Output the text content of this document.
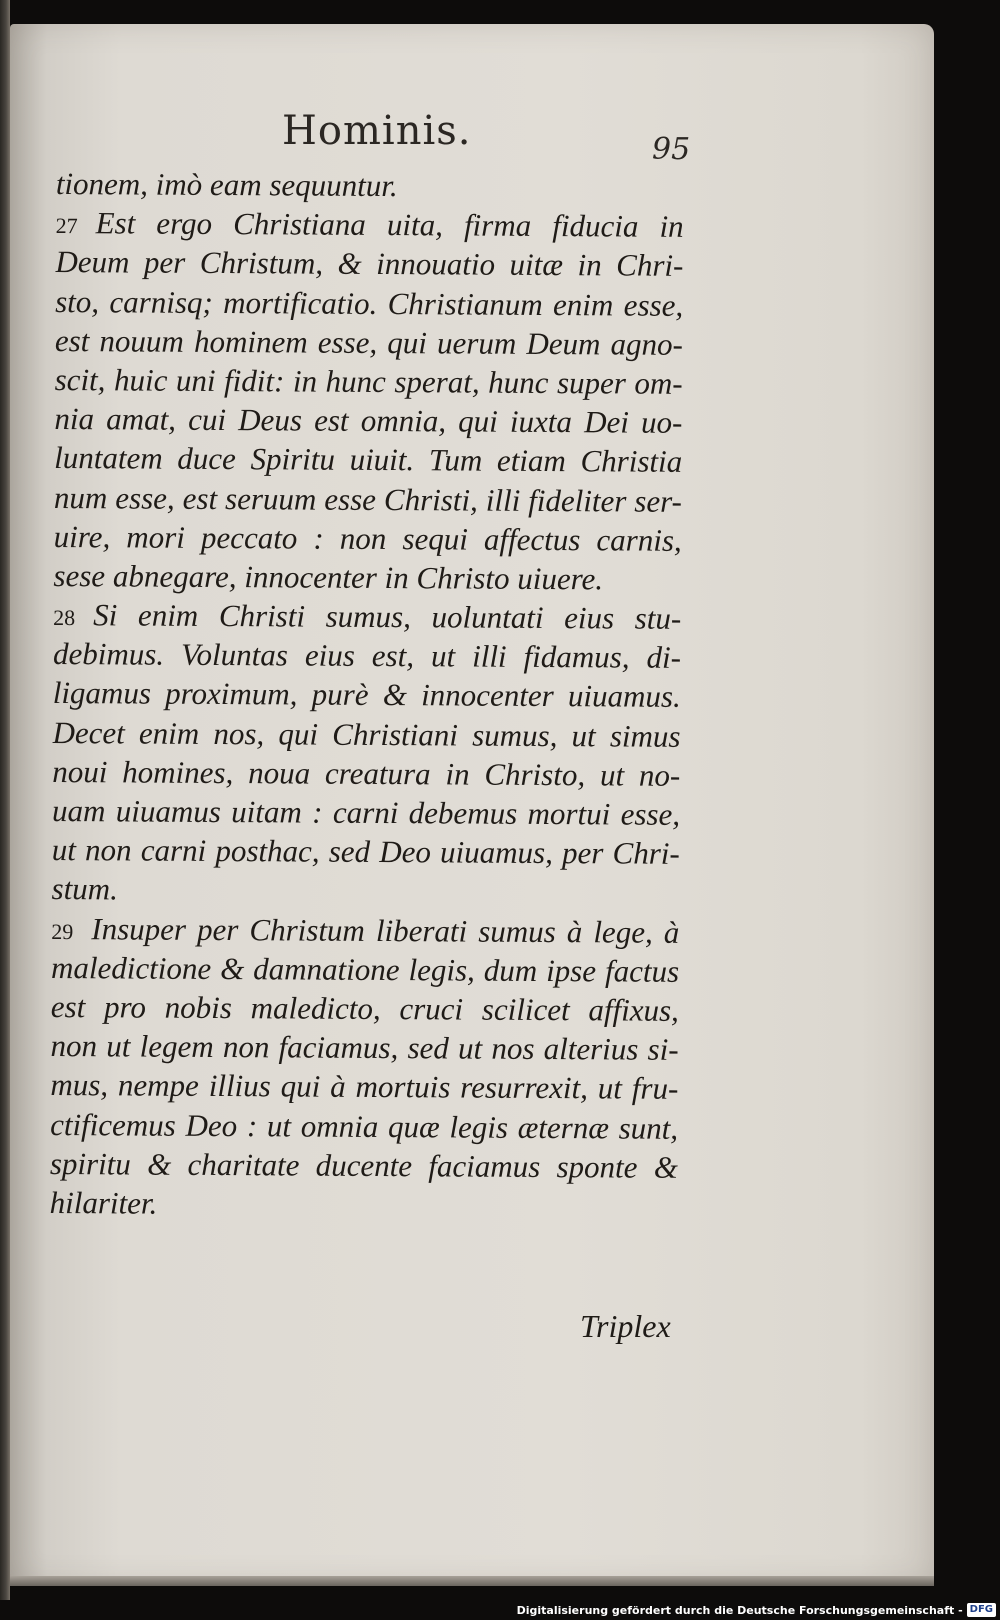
Hominis.	95
tionem, imò eam sequuntur.
27 Est ergo Christiana uita, firma fiducia in
Deum per Christum, & innouatio uitæ in Chri-
sto, carnisq; mortificatio. Christianum enim esse,
est nouum hominem esse, qui uerum Deum agno-
scit, huic uni fidit: in hunc sperat, hunc super om-
nia amat, cui Deus est omnia, qui iuxta Dei uo-
luntatem duce Spiritu uiuit. Tum etiam Christia
num esse, est seruum esse Christi, illi fideliter ser-
uire, mori peccato : non sequi affectus carnis,
sese abnegare, innocenter in Christo uiuere.
28 Si enim Christi sumus, uoluntati eius stu-
debimus. Voluntas eius est, ut illi fidamus, di-
ligamus proximum, purè & innocenter uiuamus.
Decet enim nos, qui Christiani sumus, ut simus
noui homines, noua creatura in Christo, ut no-
uam uiuamus uitam : carni debemus mortui esse,
ut non carni posthac, sed Deo uiuamus, per Chri-
stum.
29 Insuper per Christum liberati sumus à lege, à
maledictione & damnatione legis, dum ipse factus
est pro nobis maledicto, cruci scilicet affixus,
non ut legem non faciamus, sed ut nos alterius si-
mus, nempe illius qui à mortuis resurrexit, ut fru-
ctificemus Deo : ut omnia quæ legis æternæ sunt,
spiritu & charitate ducente faciamus sponte &
hilariter.
Triplex
Digitalisierung gefördert durch die Deutsche Forschungsgemeinschaft - DFG
